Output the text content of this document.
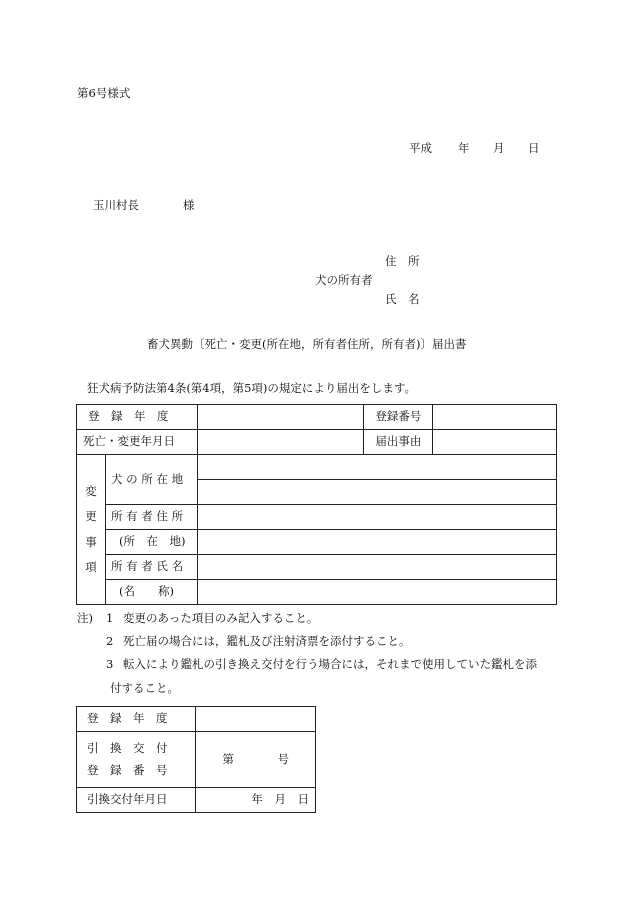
第6号様式
平成 年 月 日
玉川村長	様
住　所
犬の所有者
氏　名
畜犬異動〔死亡・変更(所在地，所有者住所，所有者)〕届出書
狂犬病予防法第4条(第4項，第5項)の規定により届出をします。
登　録　年　度			登録番号	
死亡・変更年月日			届出事由	

変
更
事
項	犬 の 所 在 地			

	所 有 者 住 所			
	(所　在　地)			
	所 有 者 氏 名			
	(名　　称)			
注) 1 変更のあった項目のみ記入すること。
2 死亡届の場合には，鑑札及び注射済票を添付すること。
3 転入により鑑札の引き換え交付を行う場合には，それまで使用していた鑑札を添
付すること。
登　録　年　度	

引　換　交　付
登　録　番　号	第 号

引換交付年月日	年　月　日
